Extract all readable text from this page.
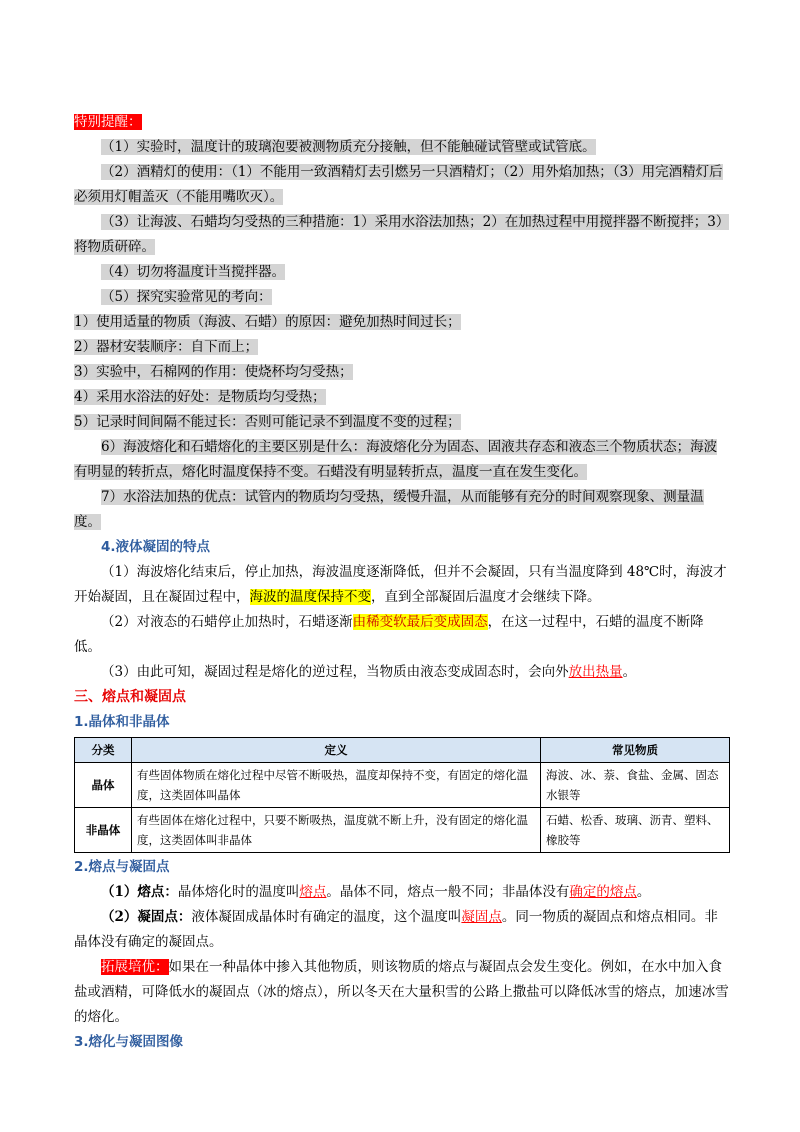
特别提醒：

（1）实验时，温度计的玻璃泡要被测物质充分接触，但不能触碰试管壁或试管底。

（2）酒精灯的使用：（1）不能用一致酒精灯去引燃另一只酒精灯；（2）用外焰加热；（3）用完酒精灯后必须用灯帽盖灭（不能用嘴吹灭）。

（3）让海波、石蜡均匀受热的三种措施：1）采用水浴法加热；2）在加热过程中用搅拌器不断搅拌；3）将物质研碎。

（4）切勿将温度计当搅拌器。

（5）探究实验常见的考向：

1）使用适量的物质（海波、石蜡）的原因：避免加热时间过长；

2）器材安装顺序：自下而上；

3）实验中，石棉网的作用：使烧杯均匀受热；

4）采用水浴法的好处：是物质均匀受热；

5）记录时间间隔不能过长：否则可能记录不到温度不变的过程；

6）海波熔化和石蜡熔化的主要区别是什么：海波熔化分为固态、固液共存态和液态三个物质状态；海波有明显的转折点，熔化时温度保持不变。石蜡没有明显转折点，温度一直在发生变化。

7）水浴法加热的优点：试管内的物质均匀受热，缓慢升温，从而能够有充分的时间观察现象、测量温度。

4.液体凝固的特点

（1）海波熔化结束后，停止加热，海波温度逐渐降低，但并不会凝固，只有当温度降到 48℃时，海波才开始凝固，且在凝固过程中，海波的温度保持不变，直到全部凝固后温度才会继续下降。

（2）对液态的石蜡停止加热时，石蜡逐渐由稀变软最后变成固态，在这一过程中，石蜡的温度不断降低。

（3）由此可知，凝固过程是熔化的逆过程，当物质由液态变成固态时，会向外放出热量。

三、熔点和凝固点

1.晶体和非晶体

分类	定义	常见物质
晶体	有些固体物质在熔化过程中尽管不断吸热，温度却保持不变，有固定的熔化温度，这类固体叫晶体	海波、冰、萘、食盐、金属、固态水银等
非晶体	有些固体在熔化过程中，只要不断吸热，温度就不断上升，没有固定的熔化温度，这类固体叫非晶体	石蜡、松香、玻璃、沥青、塑料、橡胶等

2.熔点与凝固点

（1）熔点：晶体熔化时的温度叫熔点。晶体不同，熔点一般不同；非晶体没有确定的熔点。

（2）凝固点：液体凝固成晶体时有确定的温度，这个温度叫凝固点。同一物质的凝固点和熔点相同。非晶体没有确定的凝固点。

拓展培优：如果在一种晶体中掺入其他物质，则该物质的熔点与凝固点会发生变化。例如，在水中加入食盐或酒精，可降低水的凝固点（冰的熔点），所以冬天在大量积雪的公路上撒盐可以降低冰雪的熔点，加速冰雪的熔化。

3.熔化与凝固图像
